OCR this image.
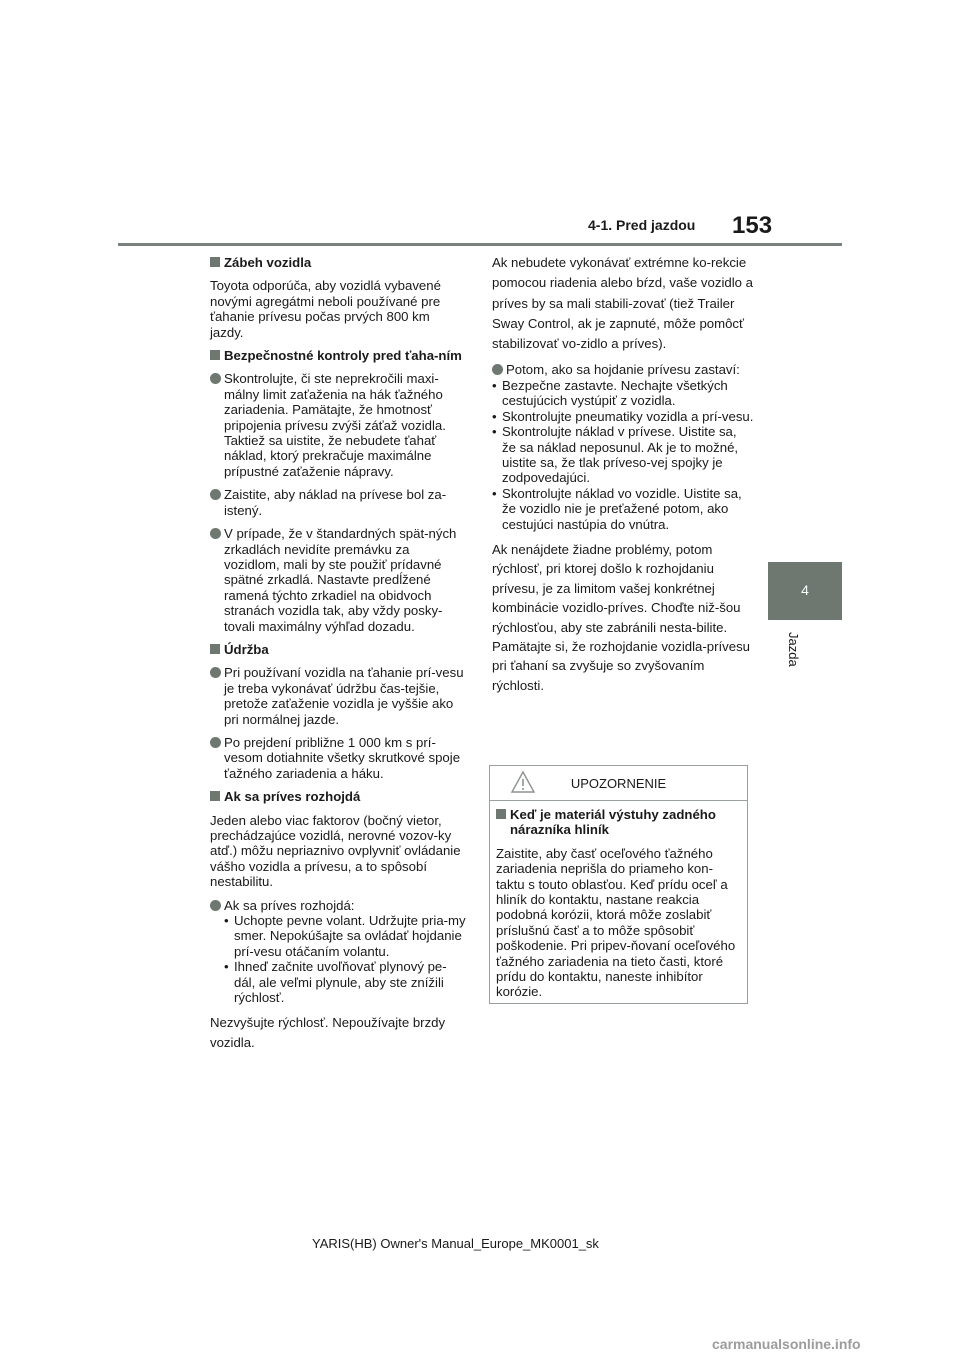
4-1. Pred jazdou 153
4
Jazda

Zábeh vozidla

Toyota odporúča, aby vozidlá vybavené novými agregátmi neboli používané pre ťahanie prívesu počas prvých 800 km jazdy.

Bezpečnostné kontroly pred ťaha-ním

Skontrolujte, či ste neprekročili maxi-málny limit zaťaženia na hák ťažného zariadenia. Pamätajte, že hmotnosť pripojenia prívesu zvýši záťaž vozidla. Taktiež sa uistite, že nebudete ťahať náklad, ktorý prekračuje maximálne prípustné zaťaženie nápravy.
Zaistite, aby náklad na prívese bol za-istený.
V prípade, že v štandardných spät-ných zrkadlách nevidíte premávku za vozidlom, mali by ste použiť prídavné spätné zrkadlá. Nastavte predĺžené ramená týchto zrkadiel na obidvoch stranách vozidla tak, aby vždy posky-tovali maximálny výhľad dozadu.

Údržba

Pri používaní vozidla na ťahanie prí-vesu je treba vykonávať údržbu čas-tejšie, pretože zaťaženie vozidla je vyššie ako pri normálnej jazde.
Po prejdení približne 1 000 km s prí-vesom dotiahnite všetky skrutkové spoje ťažného zariadenia a háku.

Ak sa príves rozhojdá

Jeden alebo viac faktorov (bočný vietor, prechádzajúce vozidlá, nerovné vozov-ky atď.) môžu nepriaznivo ovplyvniť ovládanie vášho vozidla a prívesu, a to spôsobí nestabilitu.

Ak sa príves rozhojdá:
• Uchopte pevne volant. Udržujte pria-my smer. Nepokúšajte sa ovládať hojdanie prí-vesu otáčaním volantu.
• Ihneď začnite uvoľňovať plynový pe-dál, ale veľmi plynule, aby ste znížili rýchlosť.

Nezvyšujte rýchlosť. Nepoužívajte brzdy vozidla.

Ak nebudete vykonávať extrémne ko-rekcie pomocou riadenia alebo bŕzd, vaše vozidlo a príves by sa mali stabili-zovať (tiež Trailer Sway Control, ak je zapnuté, môže pomôcť stabilizovať vo-zidlo a príves).

Potom, ako sa hojdanie prívesu zastaví:
• Bezpečne zastavte. Nechajte všetkých cestujúcich vystúpiť z vozidla.
• Skontrolujte pneumatiky vozidla a prí-vesu.
• Skontrolujte náklad v prívese. Uistite sa, že sa náklad neposunul. Ak je to možné, uistite sa, že tlak príveso-vej spojky je zodpovedajúci.
• Skontrolujte náklad vo vozidle. Uistite sa, že vozidlo nie je preťažené potom, ako cestujúci nastúpia do vnútra.

Ak nenájdete žiadne problémy, potom rýchlosť, pri ktorej došlo k rozhojdaniu prívesu, je za limitom vašej konkrétnej kombinácie vozidlo-príves. Choďte niž-šou rýchlosťou, aby ste zabránili nesta-bilite. Pamätajte si, že rozhojdanie vozidla-prívesu pri ťahaní sa zvyšuje so zvyšovaním rýchlosti.

UPOZORNENIE
Keď je materiál výstuhy zadného nárazníka hliník
Zaistite, aby časť oceľového ťažného zariadenia neprišla do priameho kon-taktu s touto oblasťou. Keď prídu oceľ a hliník do kontaktu, nastane reakcia podobná korózii, ktorá môže zoslabiť príslušnú časť a to môže spôsobiť poškodenie. Pri pripev-ňovaní oceľového ťažného zariadenia na tieto časti, ktoré prídu do kontaktu, naneste inhibítor korózie.
YARIS(HB) Owner's Manual_Europe_MK0001_sk
carmanualsonline.info
